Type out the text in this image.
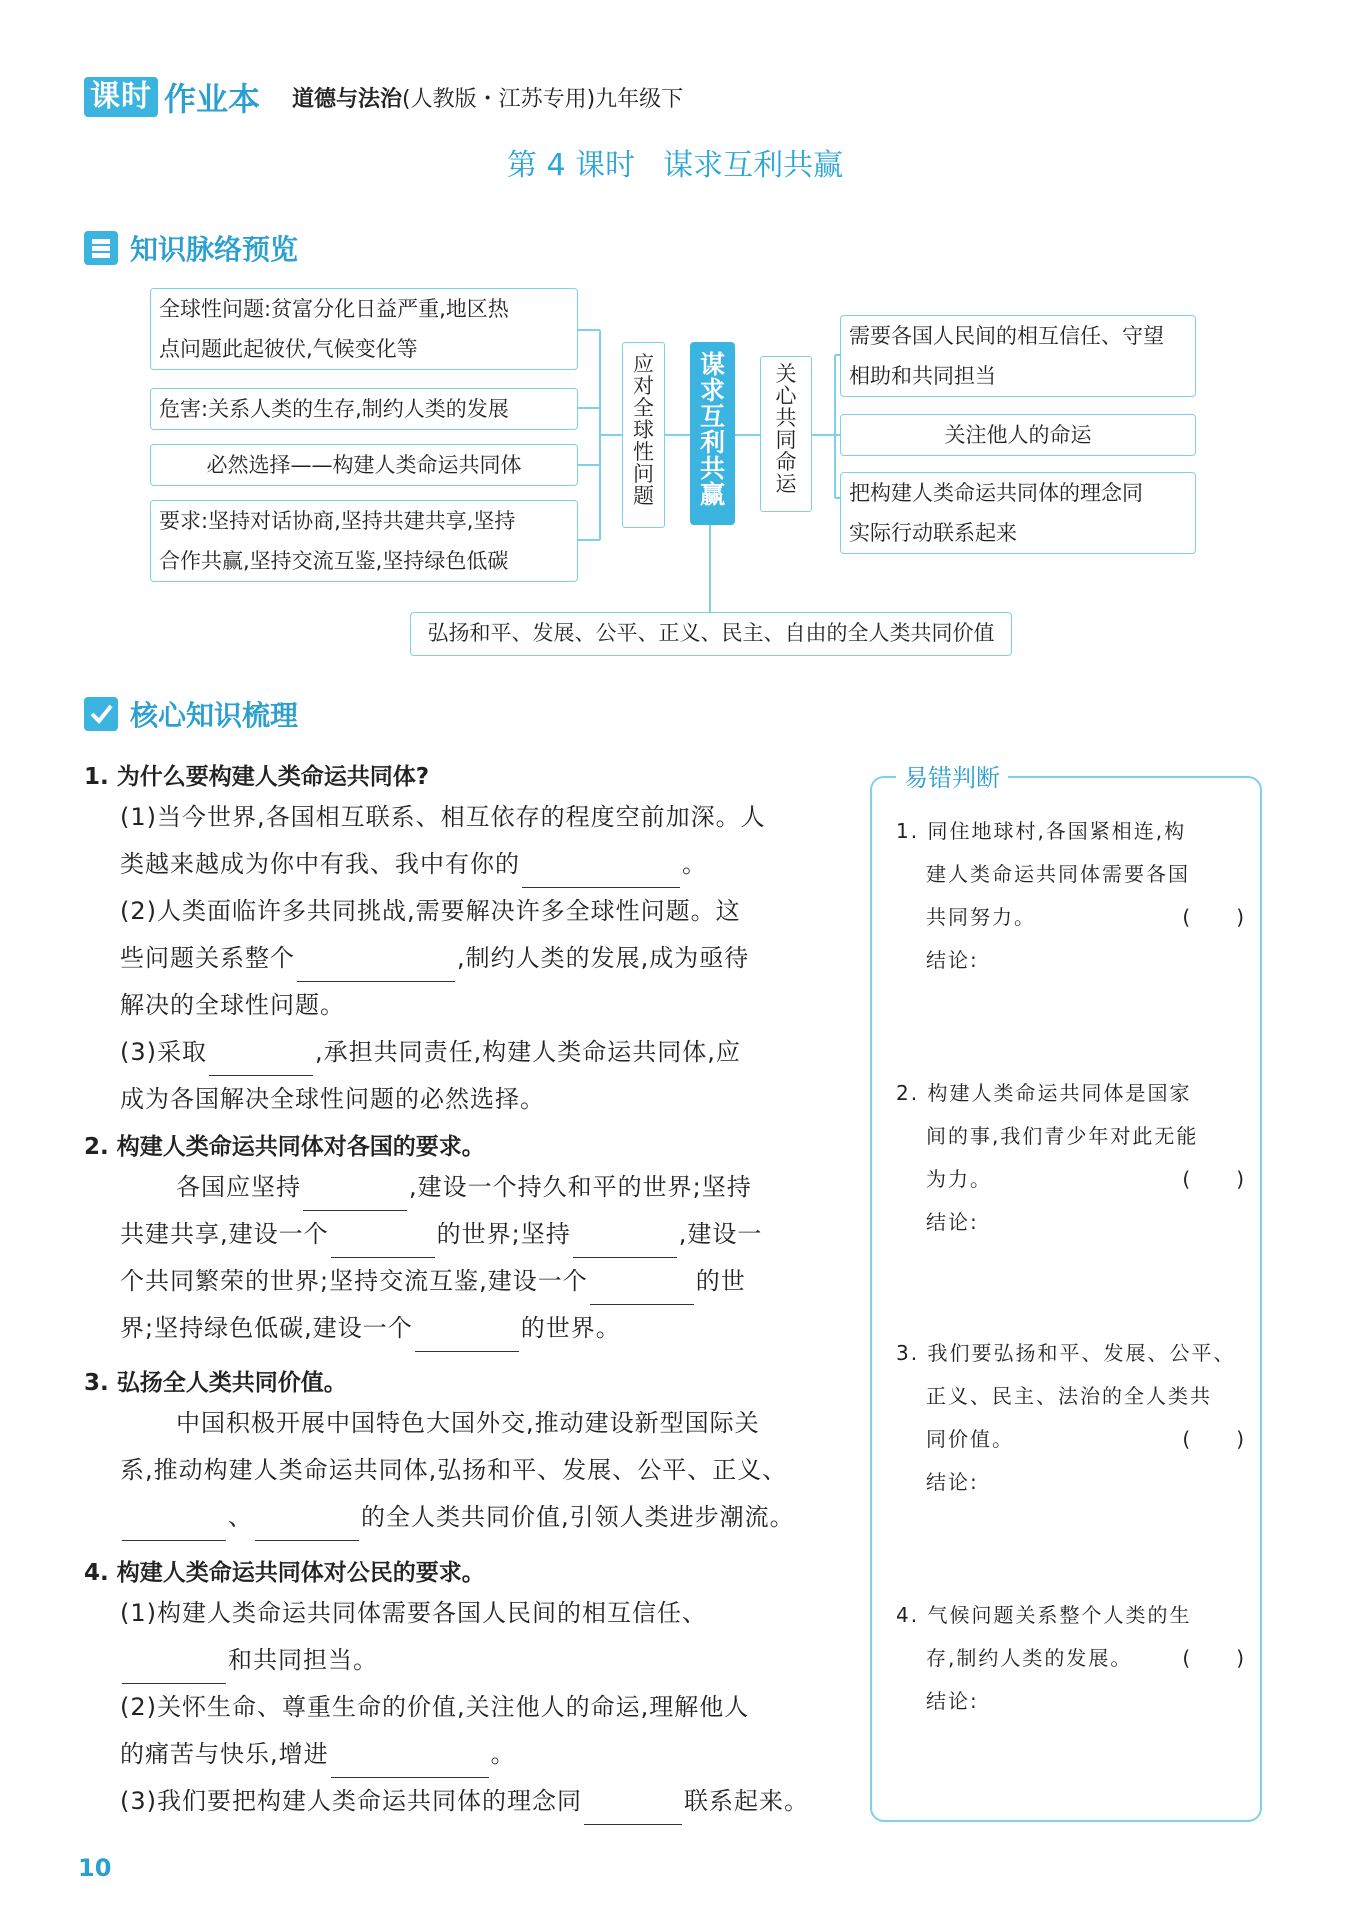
课时 作业本 道德与法治(人教版・江苏专用)九年级下
第 4 课时 谋求互利共赢
知识脉络预览
全球性问题:贫富分化日益严重,地区热
点问题此起彼伏,气候变化等
危害:关系人类的生存,制约人类的发展
必然选择——构建人类命运共同体
要求:坚持对话协商,坚持共建共享,坚持
合作共赢,坚持交流互鉴,坚持绿色低碳
应
对
全
球
性
问
题
谋
求
互
利
共
赢
关
心
共
同
命
运
需要各国人民间的相互信任、守望
相助和共同担当
关注他人的命运
把构建人类命运共同体的理念同
实际行动联系起来
弘扬和平、发展、公平、正义、民主、自由的全人类共同价值
核心知识梳理
1. 为什么要构建人类命运共同体?
(1)当今世界,各国相互联系、相互依存的程度空前加深。人
类越来越成为你中有我、我中有你的	。
(2)人类面临许多共同挑战,需要解决许多全球性问题。这
些问题关系整个	,制约人类的发展,成为亟待
解决的全球性问题。
(3)采取	,承担共同责任,构建人类命运共同体,应
成为各国解决全球性问题的必然选择。
2. 构建人类命运共同体对各国的要求。
各国应坚持	,建设一个持久和平的世界;坚持
共建共享,建设一个	的世界;坚持	,建设一
个共同繁荣的世界;坚持交流互鉴,建设一个	的世
界;坚持绿色低碳,建设一个	的世界。
3. 弘扬全人类共同价值。
中国积极开展中国特色大国外交,推动建设新型国际关
系,推动构建人类命运共同体,弘扬和平、发展、公平、正义、
、	的全人类共同价值,引领人类进步潮流。
4. 构建人类命运共同体对公民的要求。
(1)构建人类命运共同体需要各国人民间的相互信任、
和共同担当。
(2)关怀生命、尊重生命的价值,关注他人的命运,理解他人
的痛苦与快乐,增进	。
(3)我们要把构建人类命运共同体的理念同	联系起来。
易错判断
1. 同住地球村,各国紧相连,构
建人类命运共同体需要各国
共同努力。	(　　)
结论:
2. 构建人类命运共同体是国家
间的事,我们青少年对此无能
为力。	(　　)
结论:
3. 我们要弘扬和平、发展、公平、
正义、民主、法治的全人类共
同价值。	(　　)
结论:
4. 气候问题关系整个人类的生
存,制约人类的发展。	(　　)
结论:
10
